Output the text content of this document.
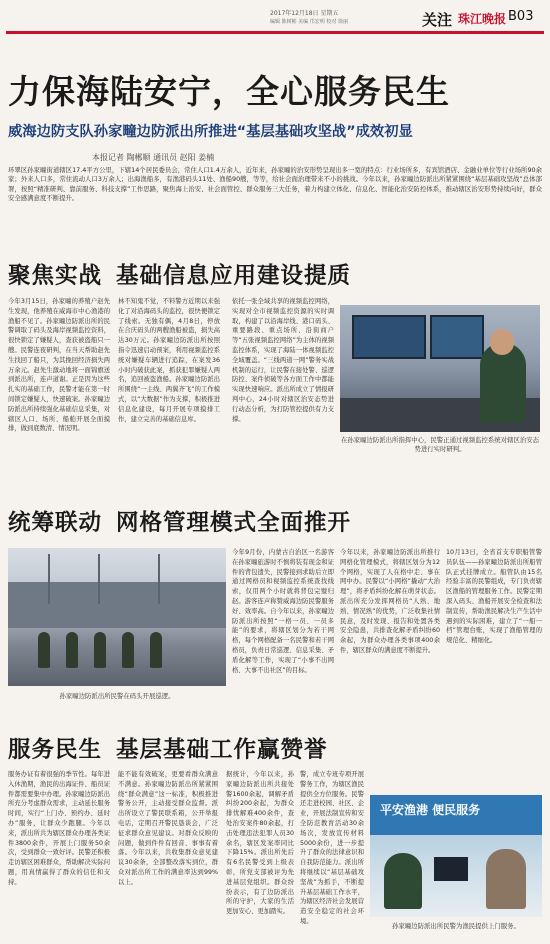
2017年12月18日 星期五
编辑 陈树彬 美编 邝宏明 校对 徐丽	关注 珠江晚报 B03
力保海陆安宁，全心服务民生
威海边防支队孙家疃边防派出所推进“基层基础攻坚战”成效初显
本报记者 陶郴顺 通讯员 赵阳 姜楠
环翠区孙家疃街道辖区17.4平方公里，下辖14个居民委员会，常住人口1.4万余人，近年来，孙家疃的治安形势呈现出多一宽的特点：行业场所多，有宾馆酒店、金融业单位等行业场所90余家；外来人口多，常住流动人口3万余人；出海渔船多，有渔港码头11处、渔船90艘，等等，给社会面治理带来不小的挑战。今年以来，孙家疃边防派出所紧紧围绕“基层基础攻坚战”总体部署，按照“精准研判、靠前服务、科技支撑”工作思路，聚焦海上治安、社会面管控、群众服务三大任务，着力构建立体化、信息化、智能化治安防控体系，推动辖区治安形势持续向好，群众安全感满意度不断提升。
聚焦实战 基础信息应用建设提质
今年3月15日，孙家疃的养殖户赵先生发现，他养殖在威海市中心渔港的渔船不见了。孙家疃边防派出所的民警调取了码头及海岸视频监控资料，很快锁定了嫌疑人，查获被盗船只一艘。民警连夜研判，在当天帮助赵先生找回了船只，为其挽回经济损失两万余元。赵先生激动地将一面锦旗送到派出所，连声道谢。正是因为这些扎实的基础工作，民警才能在第一时间锁定嫌疑人，快速破案。孙家疃边防派出所持续强化基础信息采集，对辖区人口、场所、船舶开展全面摸排，做到底数清、情况明。
林不知鬼不觉，不料警方近期以来强化了对沿海码头的监控，很快便锁定了线索。无独有偶，4月8日，停放在合庆码头的两艘渔船被盗，损失高达30万元。孙家疃边防派出所按照指令迅速启动预案，利用视频监控系统对嫌疑车辆进行追踪，在案发36小时内破获此案，抓获犯罪嫌疑人两名，追回被盗渔船。孙家疃边防派出所围绕“一主线、两翼齐飞”的工作模式，以“大数据”作为支撑，积极推进信息化建设，每月开展专项摸排工作，建立完善的基础信息库。
依托一张全域共享的视频监控网络，实现对全市视频监控资源的实时调取，构建了以沿海岸线、港口码头、重要路段、重点场所、沿街商户等“五张视频监控网络”为主体的视频监控体系，实现了海陆一体视频监控全域覆盖。“三线两道一网”警务实战机制的运行，让民警在接处警、巡逻防控、案件侦破等各方面工作中都能实现快速响应。派出所成立了情报研判中心，24小时对辖区治安态势进行动态分析，为打防管控提供有力支撑。
在孙家疃边防派出所指挥中心，民警正通过视频监控系统对辖区治安态势进行实时研判。
统筹联动 网格管理模式全面推开
孙家疃边防派出所民警在码头开展巡逻。
今年9月份，内蒙古自治区一名游客在孙家疃旅游时不慎将装有现金和证件的背包遗失，民警接到求助后立即通过网格员和视频监控系统查找线索，仅用两个小时就将背包完璧归赵。游客连声称赞威海边防民警服务好、效率高。自今年以来，孙家疃边防派出所按照“一格一员、一员多能”的要求，将辖区划分为若干网格，每个网格配备一名民警和若干网格员，负责日常巡逻、信息采集、矛盾化解等工作，实现了“小事不出网格、大事不出社区”的目标。
今年以来，孙家疃边防派出所推行网格化管理模式，将辖区划分为12个网格，实现了人在格中走、事在网中办。民警以“小网格”撬动“大治理”，将矛盾纠纷化解在萌芽状态。派出所充分发挥网格员“人熟、地熟、情况熟”的优势，广泛收集社情民意，及时发现、报告和处置各类安全隐患，共排查化解矛盾纠纷60余起，为群众办理各类事项400余件，辖区群众的满意度不断提升。
10月13日，全省首支专职船管警员队伍——孙家疃边防派出所船管队正式挂牌成立。船管队由15名经验丰富的民警组成，专门负责辖区渔船的管理服务工作。民警定期深入码头、渔船开展安全检查和法制宣传，帮助渔民解决生产生活中遇到的实际困难，建立了“一船一档”管理台账，实现了渔船管理的规范化、精细化。
服务民生 基层基础工作赢赞誉
服务办证有着很强的季节性。每年进入休渔期，渔民的出海证件、船员证件都需要集中办理。孙家疃边防派出所充分考虑群众需求，主动延长服务时间，实行“上门办、预约办、延时办”服务，让群众少跑腿。今年以来，派出所共为辖区群众办理各类证件3800余件，开展上门服务50余次，受到群众一致好评。民警还积极走访辖区困难群众，帮助解决实际问题，用真情赢得了群众的信任和支持。
能不能有效破案，更要看群众满意不满意。孙家疃边防派出所紧紧围绕“群众满意”这一标准，积极推进警务公开，主动接受群众监督。派出所设立了警民联系箱，公开举报电话，定期召开警民恳谈会，广泛征求群众意见建议。对群众反映的问题，做到件件有回音、事事有着落。今年以来，共收集群众意见建议30余条，全部整改落实到位，群众对派出所工作的满意率达到99%以上。
据统计，今年以来，孙家疃边防派出所共接处警1600余起，调解矛盾纠纷200余起，为群众排忧解难400余件，查处治安案件80余起，打击处理违法犯罪人员30余名，辖区发案率同比下降15%。派出所先后有6名民警受到上级表彰，所党支部被评为先进基层党组织。群众纷纷表示，有了边防派出所的守护，大家的生活更加安心、更加踏实。
警，成立专班专项开展警务工作，为辖区渔民提供全方位服务。民警还走进校园、社区、企业，开展法制宣传和安全防范教育活动30余场次，发放宣传材料5000余份，进一步提升了群众的法律意识和自我防范能力。派出所将继续以“基层基础攻坚战”为抓手，不断提升基层基础工作水平，为辖区经济社会发展营造安全稳定的社会环境。
平安渔港 便民服务
孙家疃边防派出所民警为渔民提供上门服务。
